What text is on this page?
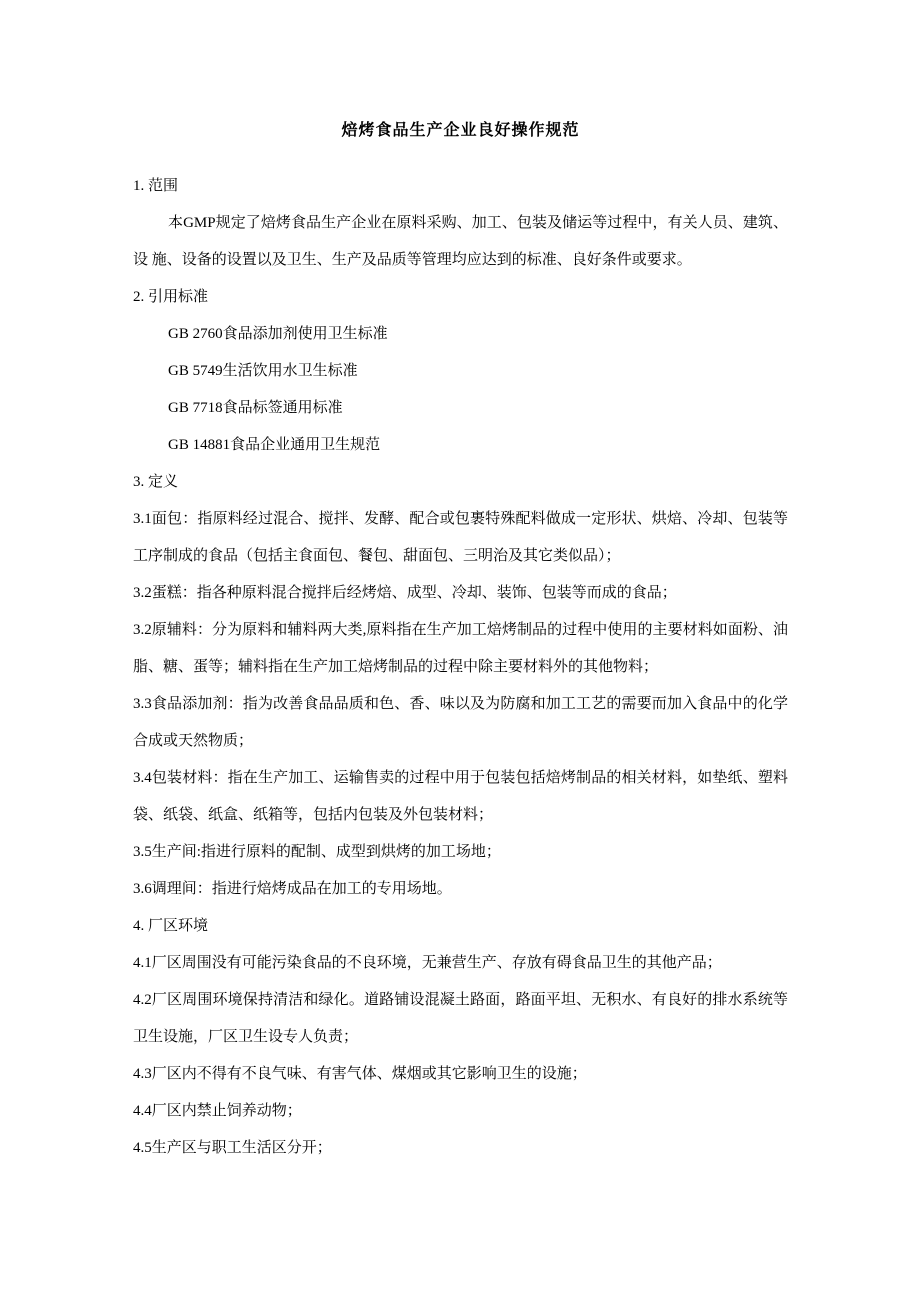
焙烤食品生产企业良好操作规范

1. 范围

本GMP规定了焙烤食品生产企业在原料采购、加工、包装及储运等过程中，有关人员、建筑、设 施、设备的设置以及卫生、生产及品质等管理均应达到的标准、良好条件或要求。

2. 引用标准

GB 2760食品添加剂使用卫生标准

GB 5749生活饮用水卫生标准

GB 7718食品标签通用标准

GB 14881食品企业通用卫生规范

3. 定义

3.1面包：指原料经过混合、搅拌、发酵、配合或包裹特殊配料做成一定形状、烘焙、冷却、包装等工序制成的食品（包括主食面包、餐包、甜面包、三明治及其它类似品）；

3.2蛋糕：指各种原料混合搅拌后经烤焙、成型、冷却、装饰、包装等而成的食品；

3.2原辅料：分为原料和辅料两大类,原料指在生产加工焙烤制品的过程中使用的主要材料如面粉、油脂、糖、蛋等；辅料指在生产加工焙烤制品的过程中除主要材料外的其他物料；

3.3食品添加剂：指为改善食品品质和色、香、味以及为防腐和加工工艺的需要而加入食品中的化学合成或天然物质；

3.4包装材料：指在生产加工、运输售卖的过程中用于包装包括焙烤制品的相关材料，如垫纸、塑料袋、纸袋、纸盒、纸箱等，包括内包装及外包装材料；

3.5生产间:指进行原料的配制、成型到烘烤的加工场地；

3.6调理间：指进行焙烤成品在加工的专用场地。

4. 厂区环境

4.1厂区周围没有可能污染食品的不良环境，无兼营生产、存放有碍食品卫生的其他产品；

4.2厂区周围环境保持清洁和绿化。道路铺设混凝土路面，路面平坦、无积水、有良好的排水系统等卫生设施，厂区卫生设专人负责；

4.3厂区内不得有不良气味、有害气体、煤烟或其它影响卫生的设施；

4.4厂区内禁止饲养动物；

4.5生产区与职工生活区分开；
